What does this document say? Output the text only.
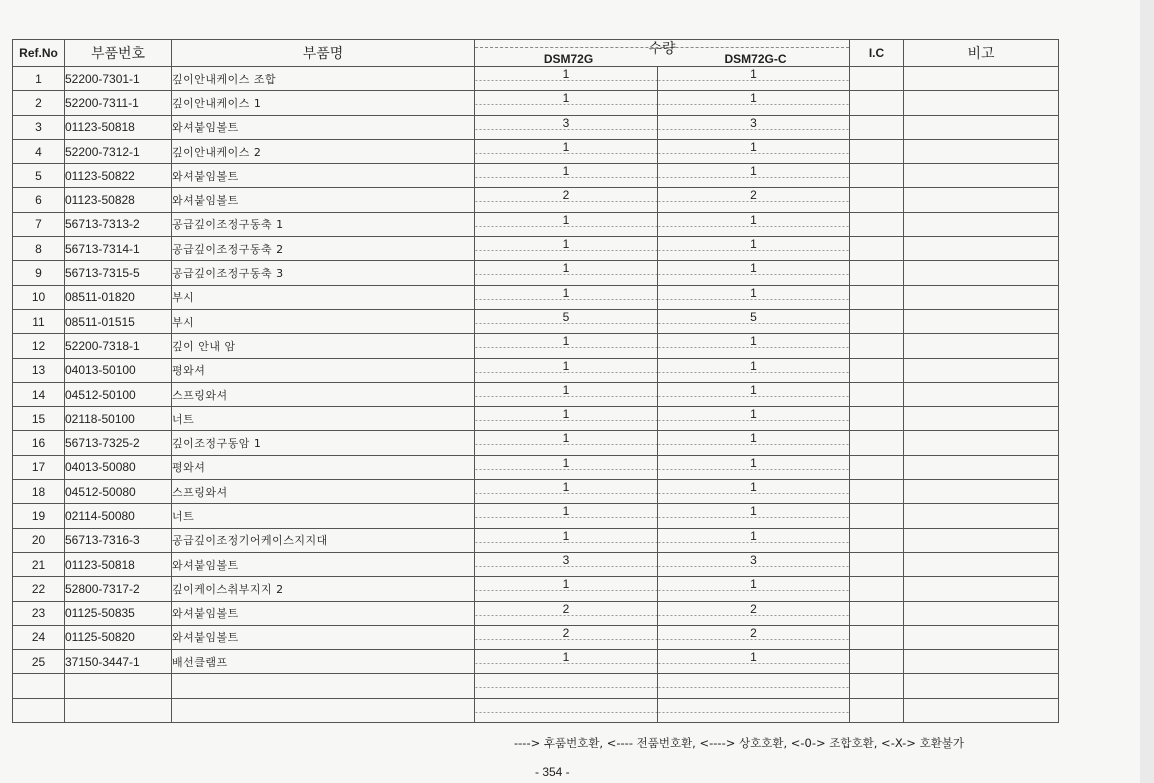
Ref.No	부품번호	부품명	수량
DSM72G DSM72G-C		I.C	비고
1	52200-7301-1	깊이안내케이스 조합	1	1		
2	52200-7311-1	깊이안내케이스 1	1	1		
3	01123-50818	와셔붙임볼트	3	3		
4	52200-7312-1	깊이안내케이스 2	1	1		
5	01123-50822	와셔붙임볼트	1	1		
6	01123-50828	와셔붙임볼트	2	2		
7	56713-7313-2	공급깊이조정구동축 1	1	1		
8	56713-7314-1	공급깊이조정구동축 2	1	1		
9	56713-7315-5	공급깊이조정구동축 3	1	1		
10	08511-01820	부시	1	1		
11	08511-01515	부시	5	5		
12	52200-7318-1	깊이 안내 암	1	1		
13	04013-50100	평와셔	1	1		
14	04512-50100	스프링와셔	1	1		
15	02118-50100	너트	1	1		
16	56713-7325-2	깊이조정구동암 1	1	1		
17	04013-50080	평와셔	1	1		
18	04512-50080	스프링와셔	1	1		
19	02114-50080	너트	1	1		
20	56713-7316-3	공급깊이조정기어케이스지지대	1	1		
21	01123-50818	와셔붙임볼트	3	3		
22	52800-7317-2	깊이케이스취부지지 2	1	1		
23	01125-50835	와셔붙임볼트	2	2		
24	01125-50820	와셔붙임볼트	2	2		
25	37150-3447-1	배선클램프	1	1		

----> 후품번호환, <---- 전품번호환, <----> 상호호환, <-0-> 조합호환, <-X-> 호환불가
- 354 -
